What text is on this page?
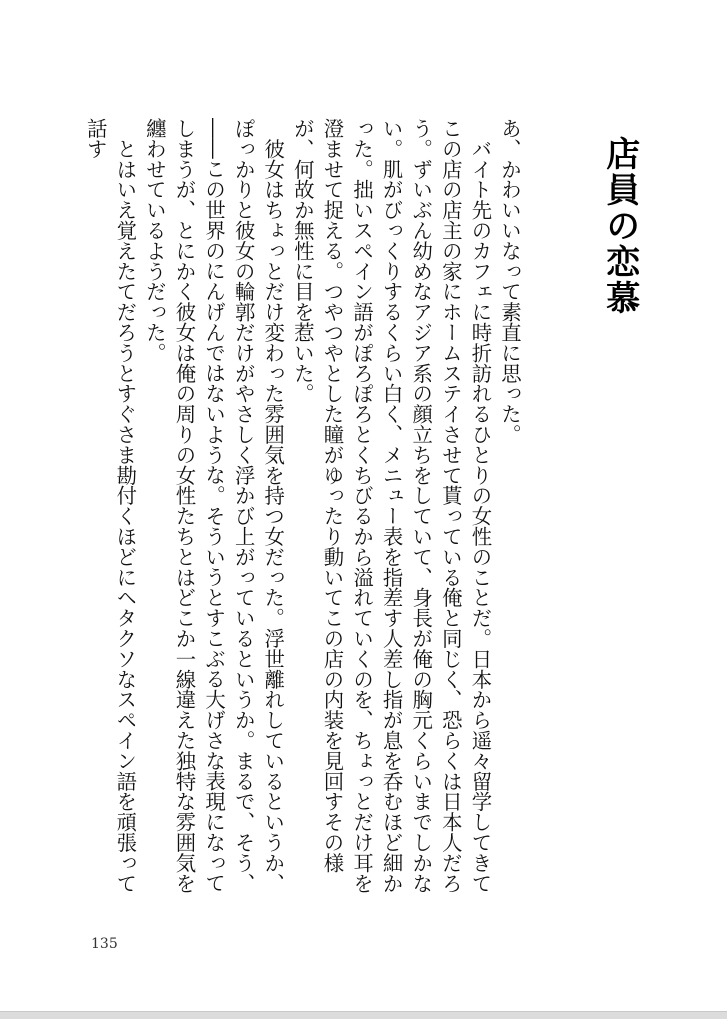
店員の恋慕

あ、かわいいなって素直に思った。

　バイト先のカフェに時折訪れるひとりの女性のことだ。日本から遥々留学してきてこの店の店主の家にホームステイさせて貰っている俺と同じく、恐らくは日本人だろう。ずいぶん幼めなアジア系の顔立ちをしていて、身長が俺の胸元くらいまでしかない。肌がびっくりするくらい白く、メニュー表を指差す人差し指が息を呑むほど細かった。拙いスペイン語がぽろぽろとくちびるから溢れていくのを、ちょっとだけ耳を澄ませて捉える。つやつやとした瞳がゆったり動いてこの店の内装を見回すその様が、何故か無性に目を惹いた。

　彼女はちょっとだけ変わった雰囲気を持つ女だった。浮世離れしているというか、ぽっかりと彼女の輪郭だけがやさしく浮かび上がっているというか。まるで、そう、――この世界のにんげんではないような。そういうとすこぶる大げさな表現になってしまうが、とにかく彼女は俺の周りの女性たちとはどこか一線違えた独特な雰囲気を纏わせているようだった。

　とはいえ覚えたてだろうとすぐさま勘付くほどにヘタクソなスペイン語を頑張って話す

135
